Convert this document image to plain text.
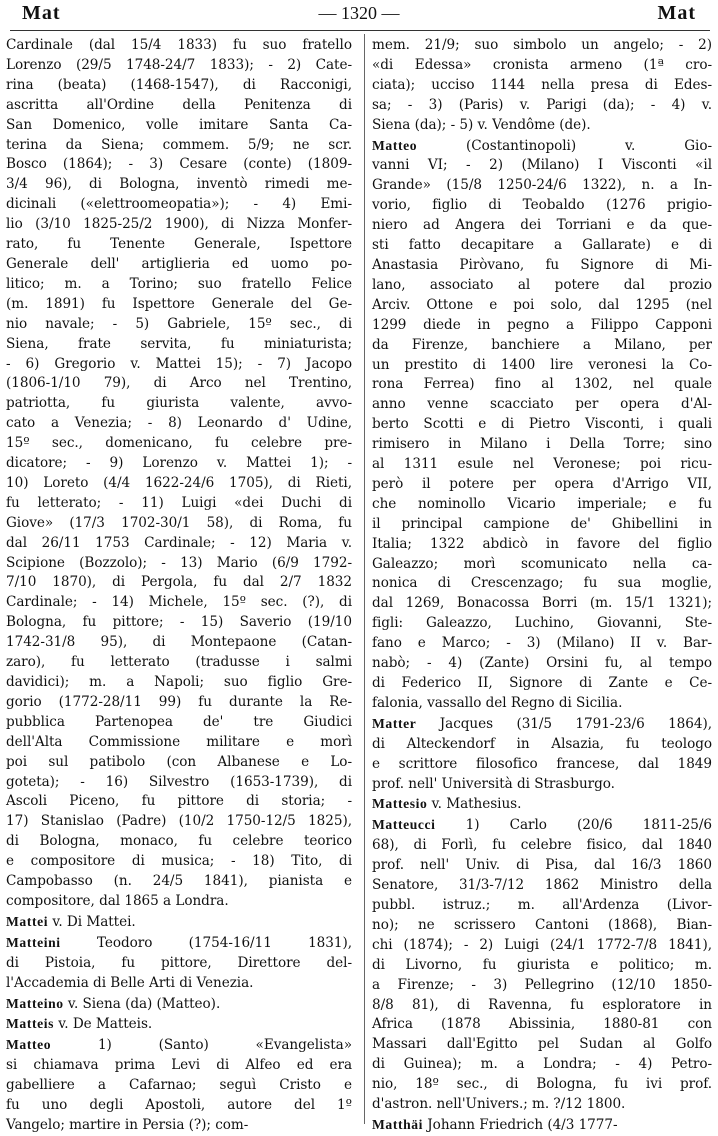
Mat	— 1320 —	Mat
Cardinale (dal 15/4 1833) fu suo fratello
Lorenzo (29/5 1748-24/7 1833); - 2) Cate-
rina (beata) (1468-1547), di Racconigi,
ascritta all'Ordine della Penitenza di
San Domenico, volle imitare Santa Ca-
terina da Siena; commem. 5/9; ne scr.
Bosco (1864); - 3) Cesare (conte) (1809-
3/4 96), di Bologna, inventò rimedi me-
dicinali («elettroomeopatia»); - 4) Emi-
lio (3/10 1825-25/2 1900), di Nizza Monfer-
rato, fu Tenente Generale, Ispettore
Generale dell' artiglieria ed uomo po-
litico; m. a Torino; suo fratello Felice
(m. 1891) fu Ispettore Generale del Ge-
nio navale; - 5) Gabriele, 15º sec., di
Siena, frate servita, fu miniaturista;
- 6) Gregorio v. Mattei 15); - 7) Jacopo
(1806-1/10 79), di Arco nel Trentino,
patriotta, fu giurista valente, avvo-
cato a Venezia; - 8) Leonardo d' Udine,
15º sec., domenicano, fu celebre pre-
dicatore; - 9) Lorenzo v. Mattei 1); -
10) Loreto (4/4 1622-24/6 1705), di Rieti,
fu letterato; - 11) Luigi «dei Duchi di
Giove» (17/3 1702-30/1 58), di Roma, fu
dal 26/11 1753 Cardinale; - 12) Maria v.
Scipione (Bozzolo); - 13) Mario (6/9 1792-
7/10 1870), di Pergola, fu dal 2/7 1832
Cardinale; - 14) Michele, 15º sec. (?), di
Bologna, fu pittore; - 15) Saverio (19/10
1742-31/8 95), di Montepaone (Catan-
zaro), fu letterato (tradusse i salmi
davidici); m. a Napoli; suo figlio Gre-
gorio (1772-28/11 99) fu durante la Re-
pubblica Partenopea de' tre Giudici
dell'Alta Commissione militare e morì
poi sul patibolo (con Albanese e Lo-
goteta); - 16) Silvestro (1653-1739), di
Ascoli Piceno, fu pittore di storia; -
17) Stanislao (Padre) (10/2 1750-12/5 1825),
di Bologna, monaco, fu celebre teorico
e compositore di musica; - 18) Tito, di
Campobasso (n. 24/5 1841), pianista e
compositore, dal 1865 a Londra.
Mattei v. Di Mattei.
Matteini Teodoro (1754-16/11 1831),
di Pistoia, fu pittore, Direttore del-
l'Accademia di Belle Arti di Venezia.
Matteino v. Siena (da) (Matteo).
Matteis v. De Matteis.
Matteo 1) (Santo) «Evangelista»
si chiamava prima Levi di Alfeo ed era
gabelliere a Cafarnao; seguì Cristo e
fu uno degli Apostoli, autore del 1º
Vangelo; martire in Persia (?); com-
mem. 21/9; suo simbolo un angelo; - 2)
«di Edessa» cronista armeno (1ª cro-
ciata); ucciso 1144 nella presa di Edes-
sa; - 3) (Paris) v. Parigi (da); - 4) v.
Siena (da); - 5) v. Vendôme (de).
Matteo (Costantinopoli) v. Gio-
vanni VI; - 2) (Milano) I Visconti «il
Grande» (15/8 1250-24/6 1322), n. a In-
vorio, figlio di Teobaldo (1276 prigio-
niero ad Angera dei Torriani e da que-
sti fatto decapitare a Gallarate) e di
Anastasia Piròvano, fu Signore di Mi-
lano, associato al potere dal prozio
Arciv. Ottone e poi solo, dal 1295 (nel
1299 diede in pegno a Filippo Capponi
da Firenze, banchiere a Milano, per
un prestito di 1400 lire veronesi la Co-
rona Ferrea) fino al 1302, nel quale
anno venne scacciato per opera d'Al-
berto Scotti e di Pietro Visconti, i quali
rimisero in Milano i Della Torre; sino
al 1311 esule nel Veronese; poi ricu-
però il potere per opera d'Arrigo VII,
che nominollo Vicario imperiale; e fu
il principal campione de' Ghibellini in
Italia; 1322 abdicò in favore del figlio
Galeazzo; morì scomunicato nella ca-
nonica di Crescenzago; fu sua moglie,
dal 1269, Bonacossa Borri (m. 15/1 1321);
figli: Galeazzo, Luchino, Giovanni, Ste-
fano e Marco; - 3) (Milano) II v. Bar-
nabò; - 4) (Zante) Orsini fu, al tempo
di Federico II, Signore di Zante e Ce-
falonia, vassallo del Regno di Sicilia.
Matter Jacques (31/5 1791-23/6 1864),
di Alteckendorf in Alsazia, fu teologo
e scrittore filosofico francese, dal 1849
prof. nell' Università di Strasburgo.
Mattesio v. Mathesius.
Matteucci 1) Carlo (20/6 1811-25/6
68), di Forlì, fu celebre fisico, dal 1840
prof. nell' Univ. di Pisa, dal 16/3 1860
Senatore, 31/3-7/12 1862 Ministro della
pubbl. istruz.; m. all'Ardenza (Livor-
no); ne scrissero Cantoni (1868), Bian-
chi (1874); - 2) Luigi (24/1 1772-7/8 1841),
di Livorno, fu giurista e politico; m.
a Firenze; - 3) Pellegrino (12/10 1850-
8/8 81), di Ravenna, fu esploratore in
Africa (1878 Abissinia, 1880-81 con
Massari dall'Egitto pel Sudan al Golfo
di Guinea); m. a Londra; - 4) Petro-
nio, 18º sec., di Bologna, fu ivi prof.
d'astron. nell'Univers.; m. ?/12 1800.
Matthäi Johann Friedrich (4/3 1777-
